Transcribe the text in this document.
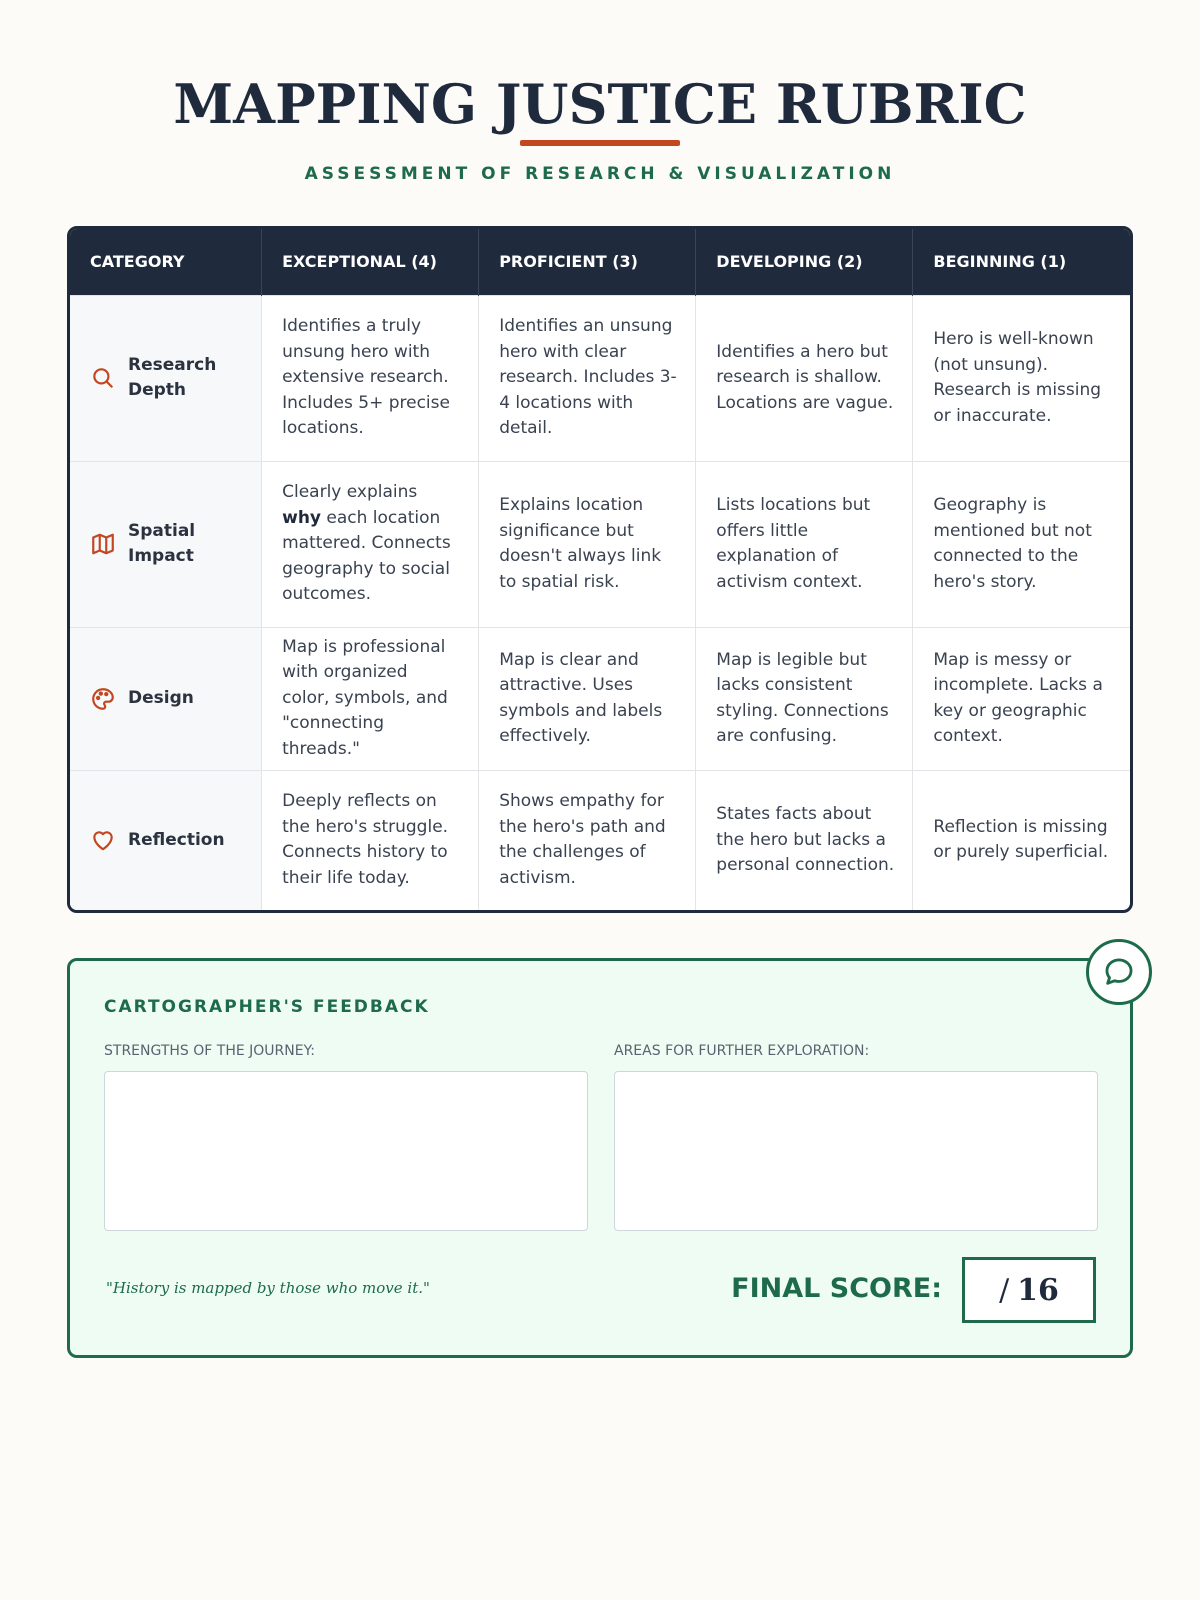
MAPPING JUSTICE RUBRIC
ASSESSMENT OF RESEARCH & VISUALIZATION
CATEGORY	EXCEPTIONAL (4)	PROFICIENT (3)	DEVELOPING (2)	BEGINNING (1)

Research Depth	Identifies a truly unsung hero with extensive research. Includes 5+ precise locations.	Identifies an unsung hero with clear research. Includes 3-4 locations with detail.	Identifies a hero but research is shallow. Locations are vague.	Hero is well-known (not unsung). Research is missing or inaccurate.

Spatial Impact	Clearly explains why each location mattered. Connects geography to social outcomes.	Explains location significance but doesn't always link to spatial risk.	Lists locations but offers little explanation of activism context.	Geography is mentioned but not connected to the hero's story.

Design	Map is professional with organized color, symbols, and "connecting threads."	Map is clear and attractive. Uses symbols and labels effectively.	Map is legible but lacks consistent styling. Connections are confusing.	Map is messy or incomplete. Lacks a key or geographic context.

Reflection	Deeply reflects on the hero's struggle. Connects history to their life today.	Shows empathy for the hero's path and the challenges of activism.	States facts about the hero but lacks a personal connection.	Reflection is missing or purely superficial.
CARTOGRAPHER'S FEEDBACK
STRENGTHS OF THE JOURNEY:	AREAS FOR FURTHER EXPLORATION:
"History is mapped by those who move it."	FINAL SCORE: / 16
